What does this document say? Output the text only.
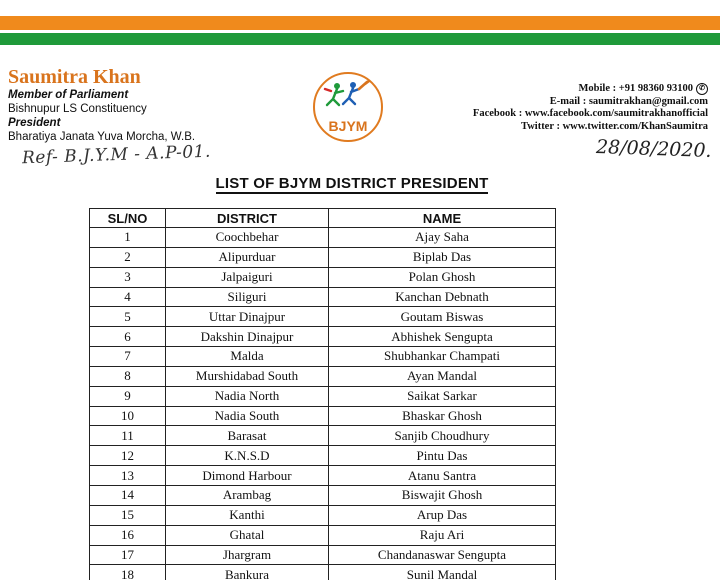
Saumitra Khan
Member of Parliament
Bishnupur LS Constituency
President
Bharatiya Janata Yuva Morcha, W.B.
Ref- B.J.Y.M - A.P-01.
BJYM
Mobile : +91 98360 93100 ✆
E-mail : saumitrakhan@gmail.com
Facebook : www.facebook.com/saumitrakhanofficial
Twitter : www.twitter.com/KhanSaumitra
28/08/2020.
LIST OF BJYM DISTRICT PRESIDENT
SL/NO	DISTRICT	NAME
1	Coochbehar	Ajay Saha
2	Alipurduar	Biplab Das
3	Jalpaiguri	Polan Ghosh
4	Siliguri	Kanchan Debnath
5	Uttar Dinajpur	Goutam Biswas
6	Dakshin Dinajpur	Abhishek Sengupta
7	Malda	Shubhankar Champati
8	Murshidabad South	Ayan Mandal
9	Nadia North	Saikat Sarkar
10	Nadia South	Bhaskar Ghosh
11	Barasat	Sanjib Choudhury
12	K.N.S.D	Pintu Das
13	Dimond Harbour	Atanu Santra
14	Arambag	Biswajit Ghosh
15	Kanthi	Arup Das
16	Ghatal	Raju Ari
17	Jhargram	Chandanaswar Sengupta
18	Bankura	Sunil Mandal
